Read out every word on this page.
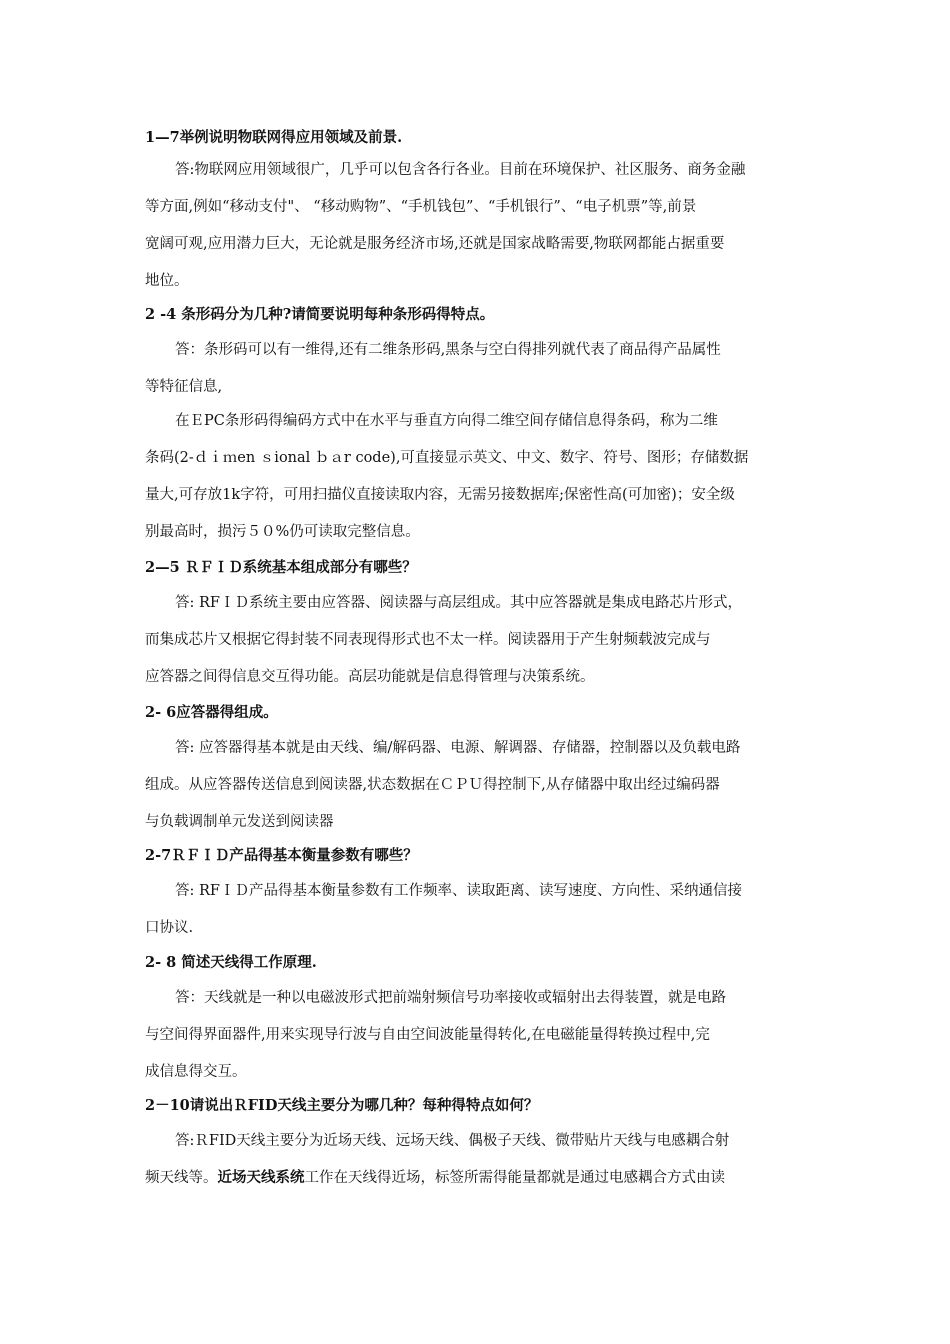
1—7举例说明物联网得应用领域及前景.
答:物联网应用领域很广，几乎可以包含各行各业。目前在环境保护、社区服务、商务金融
等方面,例如“移动支付"、 “移动购物”、“手机钱包”、“手机银行”、“电子机票”等,前景
宽阔可观,应用潜力巨大，无论就是服务经济市场,还就是国家战略需要,物联网都能占据重要
地位。
2 -4 条形码分为几种?请简要说明每种条形码得特点。
答：条形码可以有一维得,还有二维条形码,黑条与空白得排列就代表了商品得产品属性
等特征信息,
在ＥPC条形码得编码方式中在水平与垂直方向得二维空间存储信息得条码，称为二维
条码(2-ｄｉｍen ｓional ｂａr code),可直接显示英文、中文、数字、符号、图形；存储数据
量大,可存放1k字符，可用扫描仪直接读取内容，无需另接数据库;保密性高(可加密)；安全级
别最高时，损污５０%仍可读取完整信息。
2—5 ＲＦＩＤ系统基本组成部分有哪些？
答: RFＩＤ系统主要由应答器、阅读器与高层组成。其中应答器就是集成电路芯片形式，
而集成芯片又根据它得封装不同表现得形式也不太一样。阅读器用于产生射频载波完成与
应答器之间得信息交互得功能。高层功能就是信息得管理与决策系统。
2- 6应答器得组成。
答: 应答器得基本就是由天线、编/解码器、电源、解调器、存储器，控制器以及负载电路
组成。从应答器传送信息到阅读器,状态数据在ＣＰＵ得控制下,从存储器中取出经过编码器
与负载调制单元发送到阅读器
2-7ＲＦＩＤ产品得基本衡量参数有哪些？
答: RFＩＤ产品得基本衡量参数有工作频率、读取距离、读写速度、方向性、采纳通信接
口协议.
2- 8 简述天线得工作原理.
答：天线就是一种以电磁波形式把前端射频信号功率接收或辐射出去得装置，就是电路
与空间得界面器件,用来实现导行波与自由空间波能量得转化,在电磁能量得转换过程中,完
成信息得交互。
2－10请说出ＲFID天线主要分为哪几种？每种得特点如何？
答:ＲFID天线主要分为近场天线、远场天线、偶极子天线、微带贴片天线与电感耦合射
频天线等。近场天线系统工作在天线得近场，标签所需得能量都就是通过电感耦合方式由读
